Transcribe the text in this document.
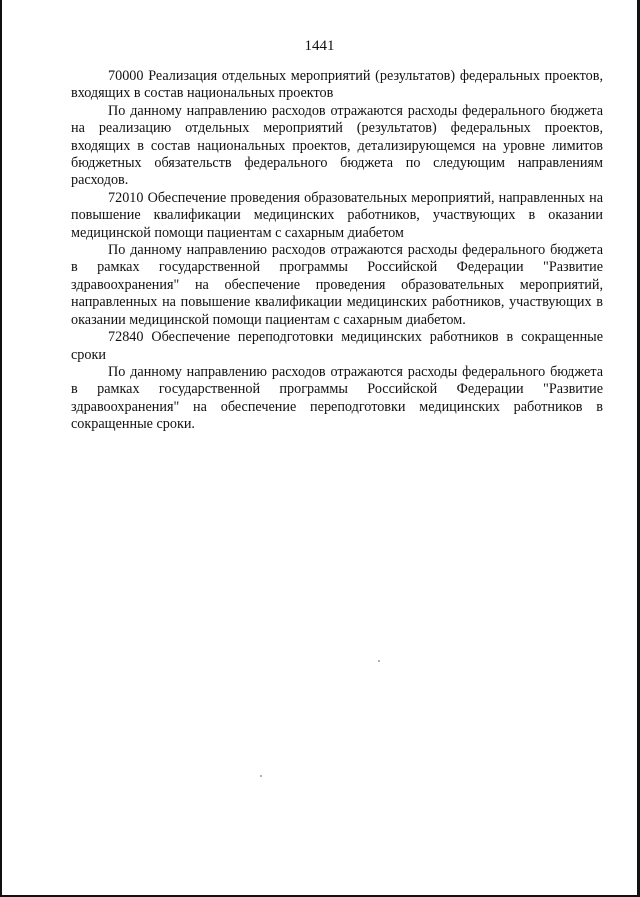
1441

70000 Реализация отдельных мероприятий (результатов) федеральных проектов, входящих в состав национальных проектов

По данному направлению расходов отражаются расходы федерального бюджета на реализацию отдельных мероприятий (результатов) федеральных проектов, входящих в состав национальных проектов, детализирующемся на уровне лимитов бюджетных обязательств федерального бюджета по следующим направлениям расходов.

72010 Обеспечение проведения образовательных мероприятий, направленных на повышение квалификации медицинских работников, участвующих в оказании медицинской помощи пациентам с сахарным диабетом

По данному направлению расходов отражаются расходы федерального бюджета в рамках государственной программы Российской Федерации "Развитие здравоохранения" на обеспечение проведения образовательных мероприятий, направленных на повышение квалификации медицинских работников, участвующих в оказании медицинской помощи пациентам с сахарным диабетом.

72840 Обеспечение переподготовки медицинских работников в сокращенные сроки

По данному направлению расходов отражаются расходы федерального бюджета в рамках государственной программы Российской Федерации "Развитие здравоохранения" на обеспечение переподготовки медицинских работников в сокращенные сроки.
